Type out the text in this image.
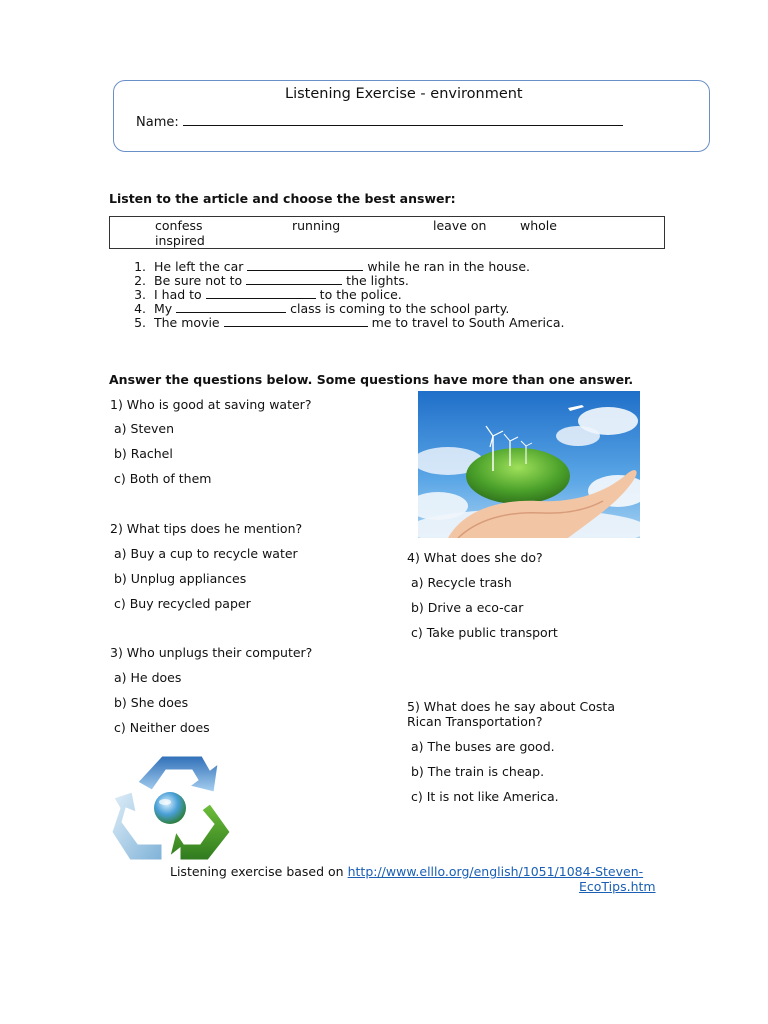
Listening Exercise - environment
Name:
Listen to the article and choose the best answer:
confess	running	leave on	whole
inspired
1. He left the car	while he ran in the house.
2. Be sure not to	the lights.
3. I had to	to the police.
4. My	class is coming to the school party.
5. The movie	me to travel to South America.
Answer the questions below. Some questions have more than one answer.
1) Who is good at saving water?
a) Steven
b) Rachel
c) Both of them
2) What tips does he mention?
a) Buy a cup to recycle water
b) Unplug appliances
c) Buy recycled paper
3) Who unplugs their computer?
a) He does
b) She does
c) Neither does
4) What does she do?
a) Recycle trash
b) Drive a eco-car
c) Take public transport
5) What does he say about Costa
Rican Transportation?
a) The buses are good.
b) The train is cheap.
c) It is not like America.
Listening exercise based on http://www.elllo.org/english/1051/1084-Steven-
EcoTips.htm
